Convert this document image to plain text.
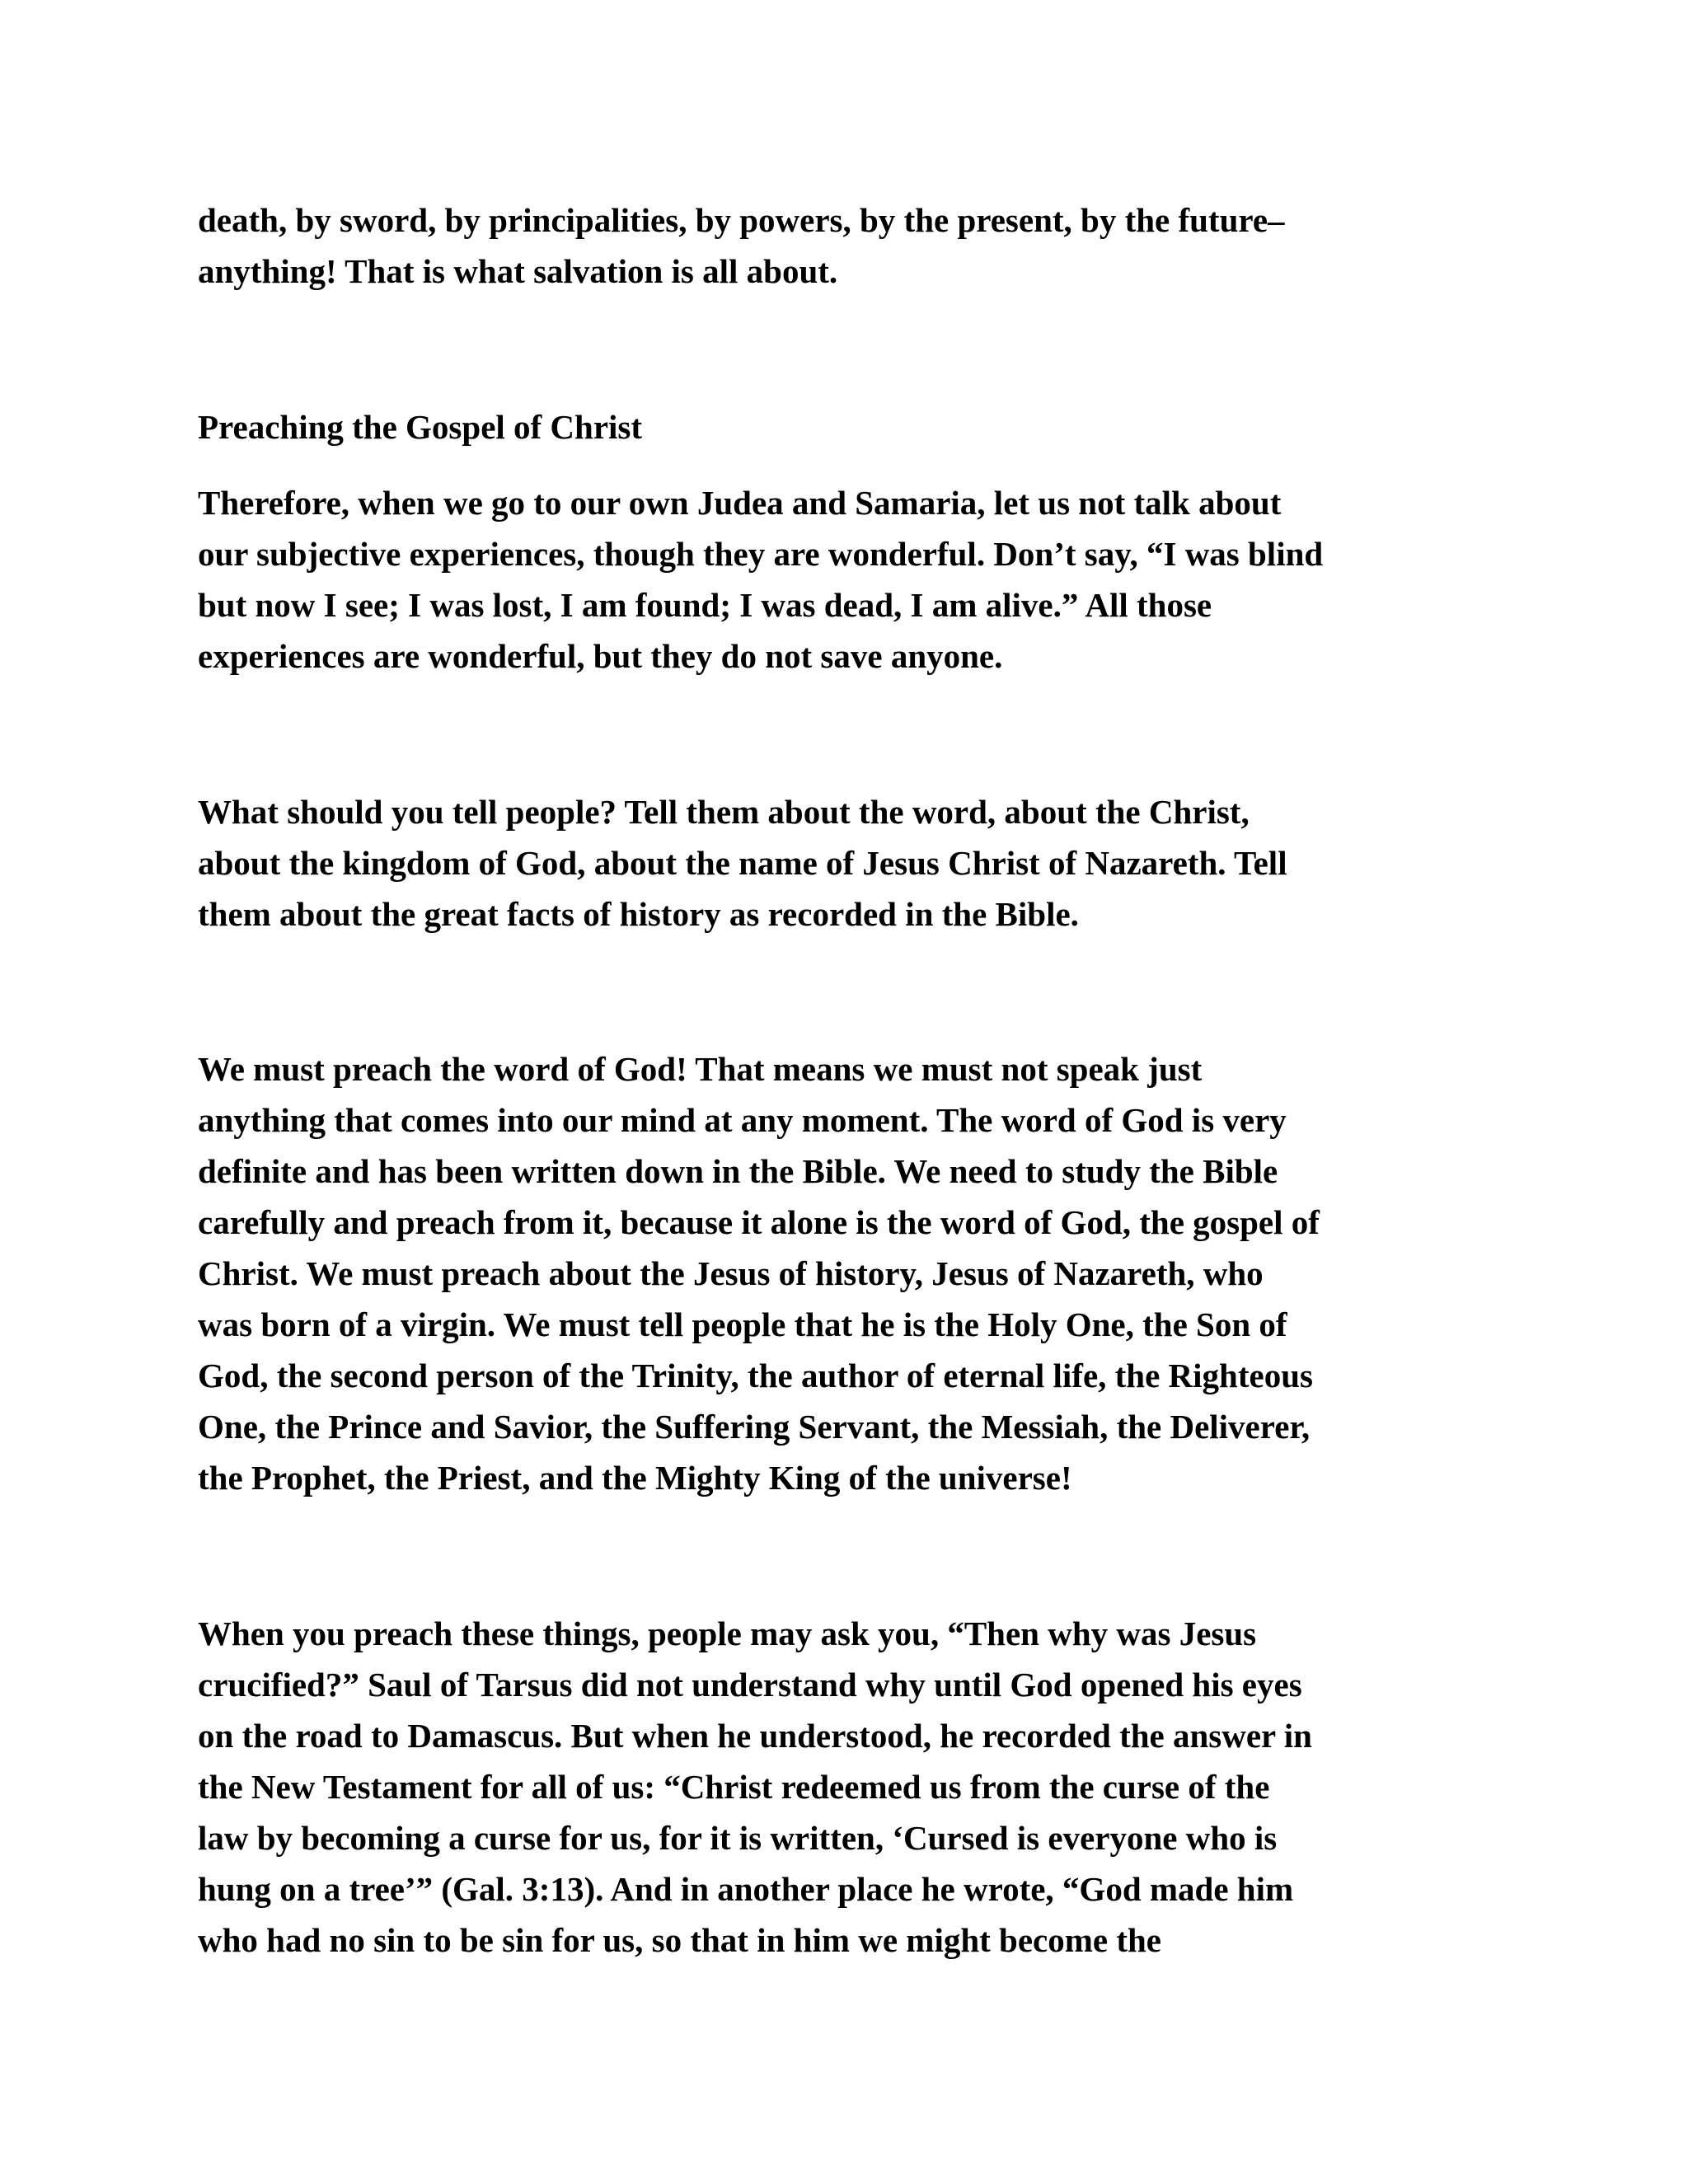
death, by sword, by principalities, by powers, by the present, by the future–
anything! That is what salvation is all about.
Preaching the Gospel of Christ
Therefore, when we go to our own Judea and Samaria, let us not talk about
our subjective experiences, though they are wonderful. Don’t say, “I was blind
but now I see; I was lost, I am found; I was dead, I am alive.” All those
experiences are wonderful, but they do not save anyone.
What should you tell people? Tell them about the word, about the Christ,
about the kingdom of God, about the name of Jesus Christ of Nazareth. Tell
them about the great facts of history as recorded in the Bible.
We must preach the word of God! That means we must not speak just
anything that comes into our mind at any moment. The word of God is very
definite and has been written down in the Bible. We need to study the Bible
carefully and preach from it, because it alone is the word of God, the gospel of
Christ. We must preach about the Jesus of history, Jesus of Nazareth, who
was born of a virgin. We must tell people that he is the Holy One, the Son of
God, the second person of the Trinity, the author of eternal life, the Righteous
One, the Prince and Savior, the Suffering Servant, the Messiah, the Deliverer,
the Prophet, the Priest, and the Mighty King of the universe!
When you preach these things, people may ask you, “Then why was Jesus
crucified?” Saul of Tarsus did not understand why until God opened his eyes
on the road to Damascus. But when he understood, he recorded the answer in
the New Testament for all of us: “Christ redeemed us from the curse of the
law by becoming a curse for us, for it is written, ‘Cursed is everyone who is
hung on a tree’” (Gal. 3:13). And in another place he wrote, “God made him
who had no sin to be sin for us, so that in him we might become the
